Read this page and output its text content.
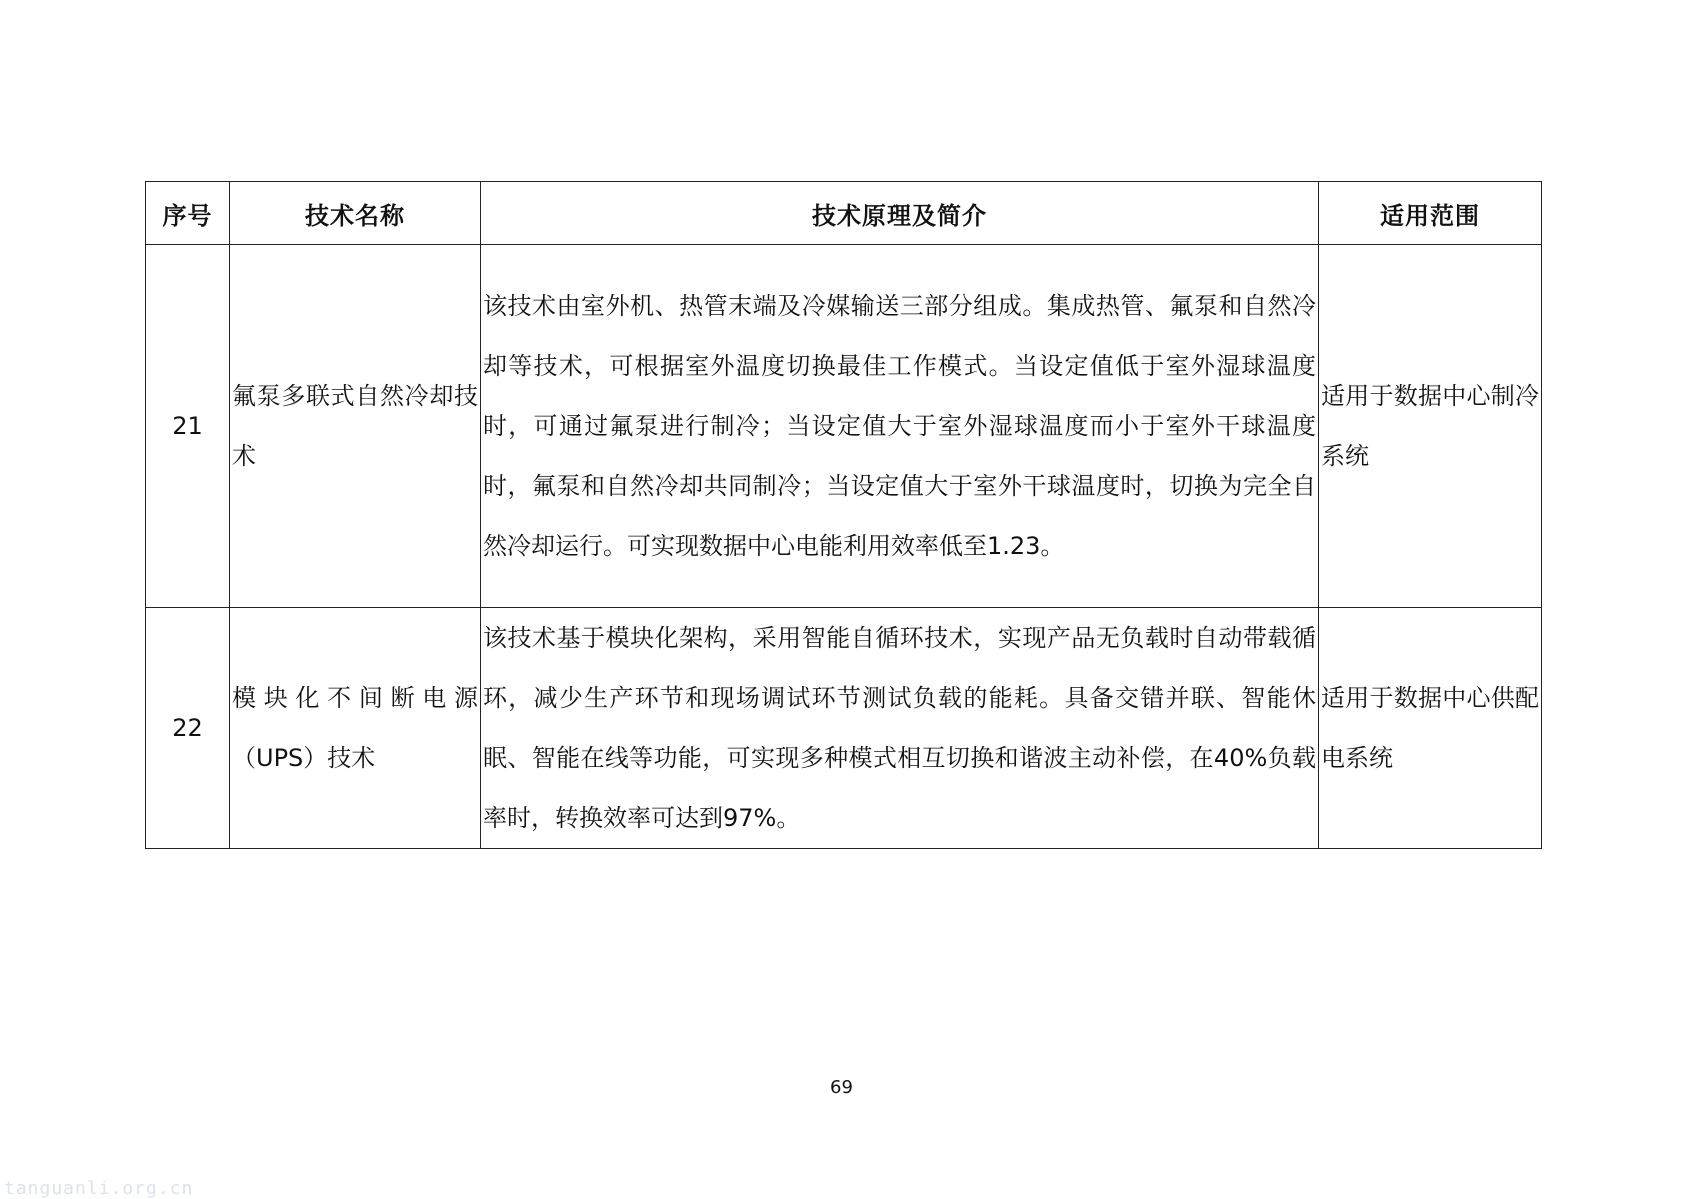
序号	技术名称	技术原理及简介	适用范围
21	氟泵多联式自然冷却技术	该技术由室外机、热管末端及冷媒输送三部分组成。集成热管、氟泵和自然冷却等技术，可根据室外温度切换最佳工作模式。当设定值低于室外湿球温度时，可通过氟泵进行制冷；当设定值大于室外湿球温度而小于室外干球温度时，氟泵和自然冷却共同制冷；当设定值大于室外干球温度时，切换为完全自然冷却运行。可实现数据中心电能利用效率低至1.23。	适用于数据中心制冷系统
22	模块化不间断电源（UPS）技术	该技术基于模块化架构，采用智能自循环技术，实现产品无负载时自动带载循环，减少生产环节和现场调试环节测试负载的能耗。具备交错并联、智能休眠、智能在线等功能，可实现多种模式相互切换和谐波主动补偿，在40%负载率时，转换效率可达到97%。	适用于数据中心供配电系统
69
tanguanli.org.cn
